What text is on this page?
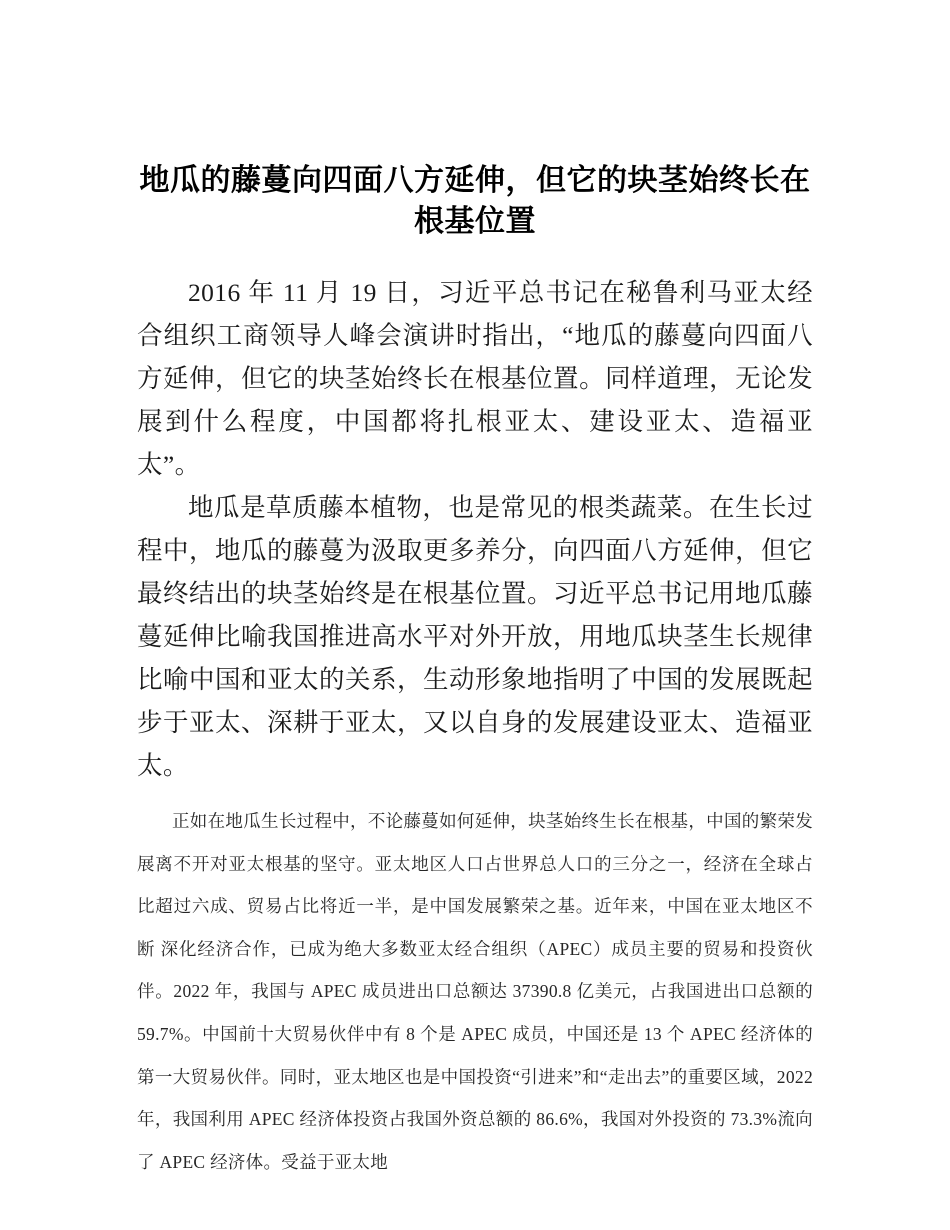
地瓜的藤蔓向四面八方延伸，但它的块茎始终长在根基位置

2016 年 11 月 19 日，习近平总书记在秘鲁利马亚太经合组织工商领导人峰会演讲时指出，“地瓜的藤蔓向四面八方延伸，但它的块茎始终长在根基位置。同样道理，无论发展到什么程度，中国都将扎根亚太、建设亚太、造福亚太”。

地瓜是草质藤本植物，也是常见的根类蔬菜。在生长过程中，地瓜的藤蔓为汲取更多养分，向四面八方延伸，但它最终结出的块茎始终是在根基位置。习近平总书记用地瓜藤蔓延伸比喻我国推进高水平对外开放，用地瓜块茎生长规律比喻中国和亚太的关系，生动形象地指明了中国的发展既起步于亚太、深耕于亚太，又以自身的发展建设亚太、造福亚太。

正如在地瓜生长过程中，不论藤蔓如何延伸，块茎始终生长在根基，中国的繁荣发展离不开对亚太根基的坚守。亚太地区人口占世界总人口的三分之一，经济在全球占比超过六成、贸易占比将近一半，是中国发展繁荣之基。近年来，中国在亚太地区不断 深化经济合作，已成为绝大多数亚太经合组织（APEC）成员主要的贸易和投资伙伴。2022 年，我国与 APEC 成员进出口总额达 37390.8 亿美元，占我国进出口总额的 59.7%。中国前十大贸易伙伴中有 8 个是 APEC 成员，中国还是 13 个 APEC 经济体的第一大贸易伙伴。同时，亚太地区也是中国投资“引进来”和“走出去”的重要区域，2022 年，我国利用 APEC 经济体投资占我国外资总额的 86.6%，我国对外投资的 73.3%流向了 APEC 经济体。受益于亚太地
